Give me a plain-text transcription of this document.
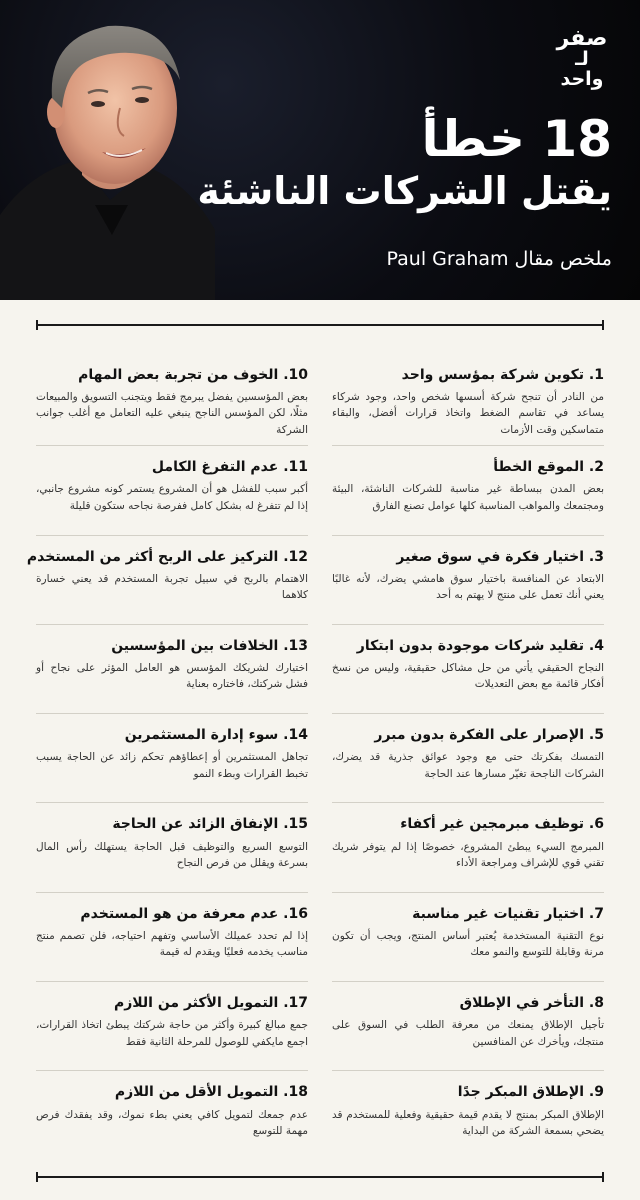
صفر
لـ واحد
18 خطأ
يقتل الشركات الناشئة
ملخص مقال Paul Graham
1. تكوين شركة بمؤسس واحد
من النادر أن تنجح شركة أسسها شخص واحد، وجود شركاء يساعد في تقاسم الضغط واتخاذ قرارات أفضل، والبقاء متماسكين وقت الأزمات
2. الموقع الخطأ
بعض المدن ببساطة غير مناسبة للشركات الناشئة، البيئة ومجتمعك والمواهب المناسبة كلها عوامل تصنع الفارق
3. اختيار فكرة في سوق صغير
الابتعاد عن المنافسة باختيار سوق هامشي يضرك، لأنه غالبًا يعني أنك تعمل على منتج لا يهتم به أحد
4. تقليد شركات موجودة بدون ابتكار
النجاح الحقيقي يأتي من حل مشاكل حقيقية، وليس من نسخ أفكار قائمة مع بعض التعديلات
5. الإصرار على الفكرة بدون مبرر
التمسك بفكرتك حتى مع وجود عوائق جذرية قد يضرك، الشركات الناجحة تغيّر مسارها عند الحاجة
6. توظيف مبرمجين غير أكفاء
المبرمج السيء يبطئ المشروع، خصوصًا إذا لم يتوفر شريك تقني قوي للإشراف ومراجعة الأداء
7. اختيار تقنيات غير مناسبة
نوع التقنية المستخدمة يُعتبر أساس المنتج، ويجب أن تكون مرنة وقابلة للتوسع والنمو معك
8. التأخر في الإطلاق
تأجيل الإطلاق يمنعك من معرفة الطلب في السوق على منتجك، ويأخرك عن المنافسين
9. الإطلاق المبكر جدًا
الإطلاق المبكر بمنتج لا يقدم قيمة حقيقية وفعلية للمستخدم قد يضحي بسمعة الشركة من البداية
10. الخوف من تجربة بعض المهام
بعض المؤسسين يفضل يبرمج فقط ويتجنب التسويق والمبيعات مثلًا، لكن المؤسس الناجح ينبغي عليه التعامل مع أغلب جوانب الشركة
11. عدم التفرغ الكامل
أكبر سبب للفشل هو أن المشروع يستمر كونه مشروع جانبي، إذا لم تتفرغ له بشكل كامل ففرصة نجاحه ستكون قليلة
12. التركيز على الربح أكثر من المستخدم
الاهتمام بالربح في سبيل تجربة المستخدم قد يعني خسارة كلاهما
13. الخلافات بين المؤسسين
اختيارك لشريكك المؤسس هو العامل المؤثر على نجاح أو فشل شركتك، فاختاره بعناية
14. سوء إدارة المستثمرين
تجاهل المستثمرين أو إعطاؤهم تحكم زائد عن الحاجة يسبب تخبط القرارات وبطء النمو
15. الإنفاق الزائد عن الحاجة
التوسع السريع والتوظيف قبل الحاجة يستهلك رأس المال بسرعة ويقلل من فرص النجاح
16. عدم معرفة من هو المستخدم
إذا لم تحدد عميلك الأساسي وتفهم احتياجه، فلن تصمم منتج مناسب يخدمه فعليًا ويقدم له قيمة
17. التمويل الأكثر من اللازم
جمع مبالغ كبيرة وأكثر من حاجة شركتك يبطئ اتخاذ القرارات، اجمع مايكفي للوصول للمرحلة الثانية فقط
18. التمويل الأقل من اللازم
عدم جمعك لتمويل كافي يعني بطء نموك، وقد يفقدك فرص مهمة للتوسع
